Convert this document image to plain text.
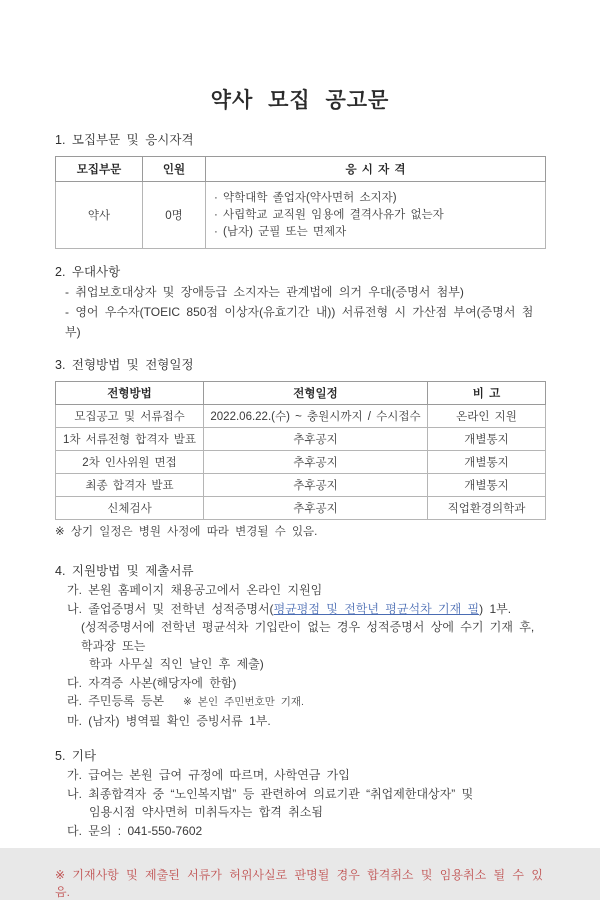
약사 모집 공고문
1. 모집부문 및 응시자격
모집부문	인원	응 시 자 격
약사	0명	· 약학대학 졸업자(약사면허 소지자)
· 사립학교 교직원 임용에 결격사유가 없는자
· (남자) 군필 또는 면제자
2. 우대사항
- 취업보호대상자 및 장애등급 소지자는 관계법에 의거 우대(증명서 첨부)
- 영어 우수자(TOEIC 850점 이상자(유효기간 내)) 서류전형 시 가산점 부여(증명서 첨부)
3. 전형방법 및 전형일정
전형방법	전형일정	비 고
모집공고 및 서류접수	2022.06.22.(수) ~ 충원시까지 / 수시접수	온라인 지원
1차 서류전형 합격자 발표	추후공지	개별통지
2차 인사위원 면접	추후공지	개별통지
최종 합격자 발표	추후공지	개별통지
신체검사	추후공지	직업환경의학과
※ 상기 일정은 병원 사정에 따라 변경될 수 있음.
4. 지원방법 및 제출서류
가. 본원 홈페이지 채용공고에서 온라인 지원임
나. 졸업증명서 및 전학년 성적증명서(평균평점 및 전학년 평균석차 기재 필) 1부.
(성적증명서에 전학년 평균석차 기입란이 없는 경우 성적증명서 상에 수기 기재 후, 학과장 또는
학과 사무실 직인 날인 후 제출)
다. 자격증 사본(해당자에 한함)
라. 주민등록 등본 ※ 본인 주민번호만 기재.
마. (남자) 병역필 확인 증빙서류 1부.
5. 기타
가. 급여는 본원 급여 규정에 따르며, 사학연금 가입
나. 최종합격자 중 “노인복지법” 등 관련하여 의료기관 “취업제한대상자” 및
임용시점 약사면허 미취득자는 합격 취소됨
다. 문의 : 041-550-7602
※ 기재사항 및 제출된 서류가 허위사실로 판명될 경우 합격취소 및 임용취소 될 수 있음.
